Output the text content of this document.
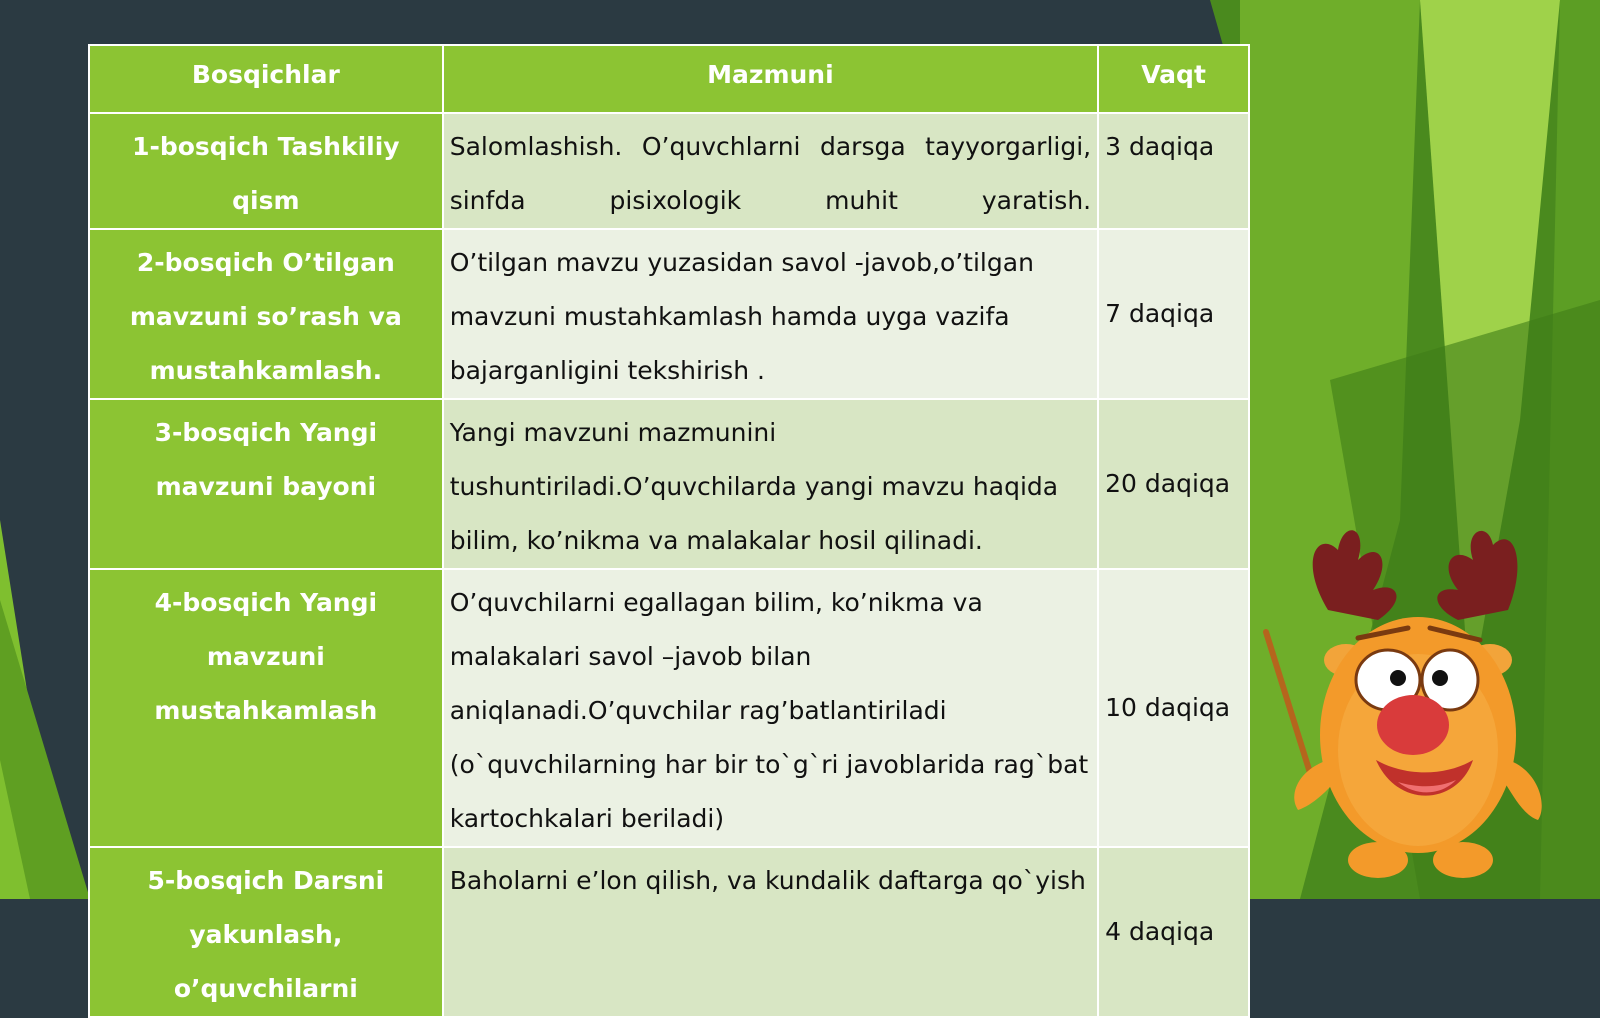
Bosqichlar	Mazmuni	Vaqt
1-bosqich Tashkiliy qism	Salomlashish. O’quvchlarni darsga tayyorgarligi, sinfda pisixologik muhit yaratish.	3 daqiqa
2-bosqich O’tilgan mavzuni so’rash va mustahkamlash.	O’tilgan mavzu yuzasidan savol -javob,o’tilgan mavzuni mustahkamlash hamda uyga vazifa bajarganligini tekshirish .	7 daqiqa
3-bosqich Yangi mavzuni bayoni	Yangi mavzuni mazmunini tushuntiriladi.O’quvchilarda yangi mavzu haqida bilim, ko’nikma va malakalar hosil qilinadi.	20 daqiqa
4-bosqich Yangi mavzuni mustahkamlash	O’quvchilarni egallagan bilim, ko’nikma va malakalari savol –javob bilan aniqlanadi.O’quvchilar rag’batlantiriladi (o`quvchilarning har bir to`g`ri javoblarida rag`bat kartochkalari beriladi)	10 daqiqa
5-bosqich Darsni yakunlash, o’quvchilarni	Baholarni e’lon qilish, va kundalik daftarga qo`yish	4 daqiqa
